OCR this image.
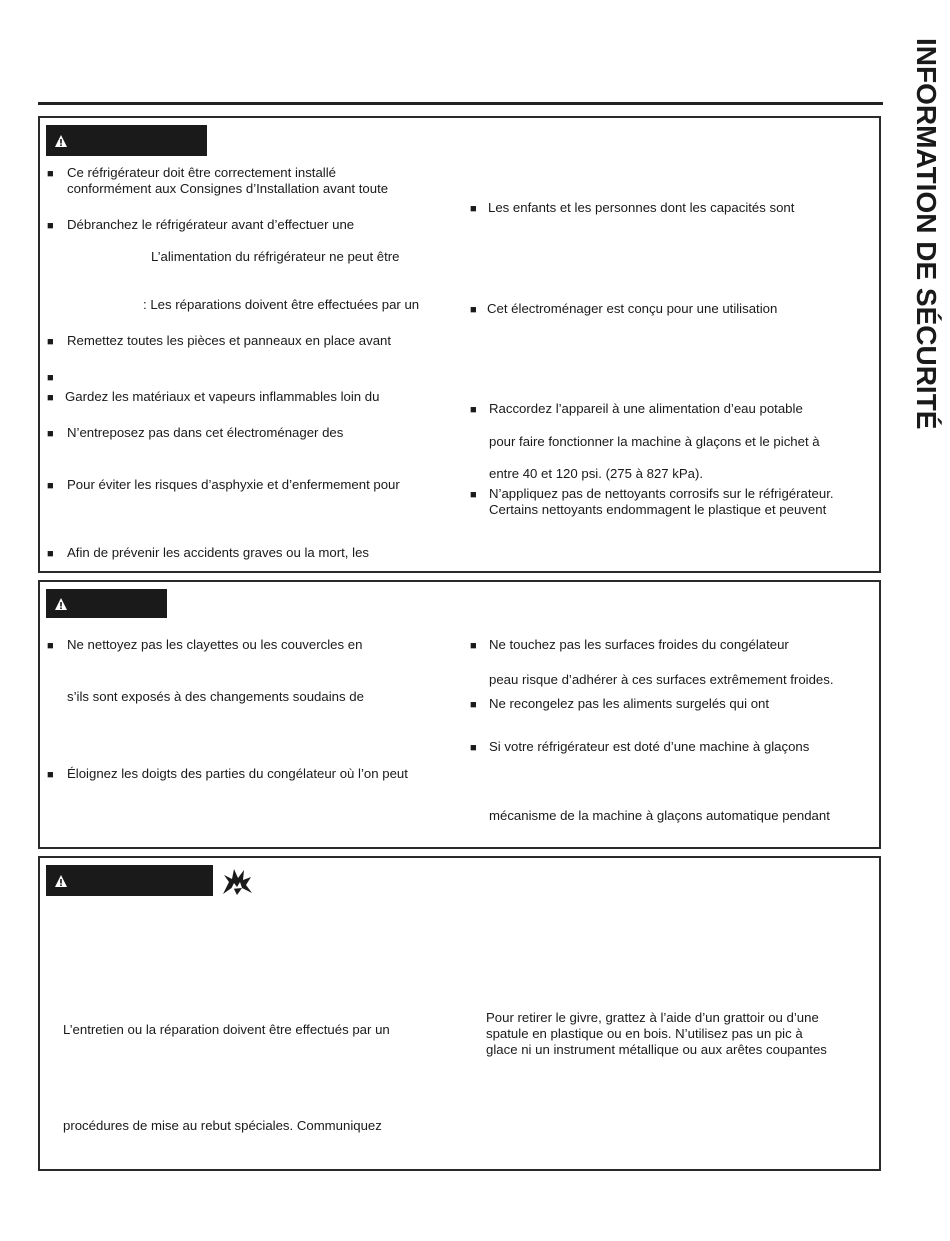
INFORMATION DE SÉCURITÉ
■ Ce réfrigérateur doit être correctement installé
conformément aux Consignes d’Installation avant toute
■ Débranchez le réfrigérateur avant d’effectuer une
L’alimentation du réfrigérateur ne peut être
: Les réparations doivent être effectuées par un
■ Remettez toutes les pièces et panneaux en place avant
■
■ Gardez les matériaux et vapeurs inflammables loin du
■ N’entreposez pas dans cet électroménager des
■ Pour éviter les risques d’asphyxie et d’enfermement pour
■ Afin de prévenir les accidents graves ou la mort, les
■ Les enfants et les personnes dont les capacités sont
■ Cet électroménager est conçu pour une utilisation
■ Raccordez l’appareil à une alimentation d’eau potable
pour faire fonctionner la machine à glaçons et le pichet à
entre 40 et 120 psi. (275 à 827 kPa).
■ N’appliquez pas de nettoyants corrosifs sur le réfrigérateur.
Certains nettoyants endommagent le plastique et peuvent
■ Ne nettoyez pas les clayettes ou les couvercles en
s’ils sont exposés à des changements soudains de
■ Éloignez les doigts des parties du congélateur où l’on peut
■ Ne touchez pas les surfaces froides du congélateur
peau risque d’adhérer à ces surfaces extrêmement froides.
■ Ne recongelez pas les aliments surgelés qui ont
■ Si votre réfrigérateur est doté d’une machine à glaçons
mécanisme de la machine à glaçons automatique pendant
L’entretien ou la réparation doivent être effectués par un
procédures de mise au rebut spéciales. Communiquez
Pour retirer le givre, grattez à l’aide d’un grattoir ou d’une
spatule en plastique ou en bois. N’utilisez pas un pic à
glace ni un instrument métallique ou aux arêtes coupantes
